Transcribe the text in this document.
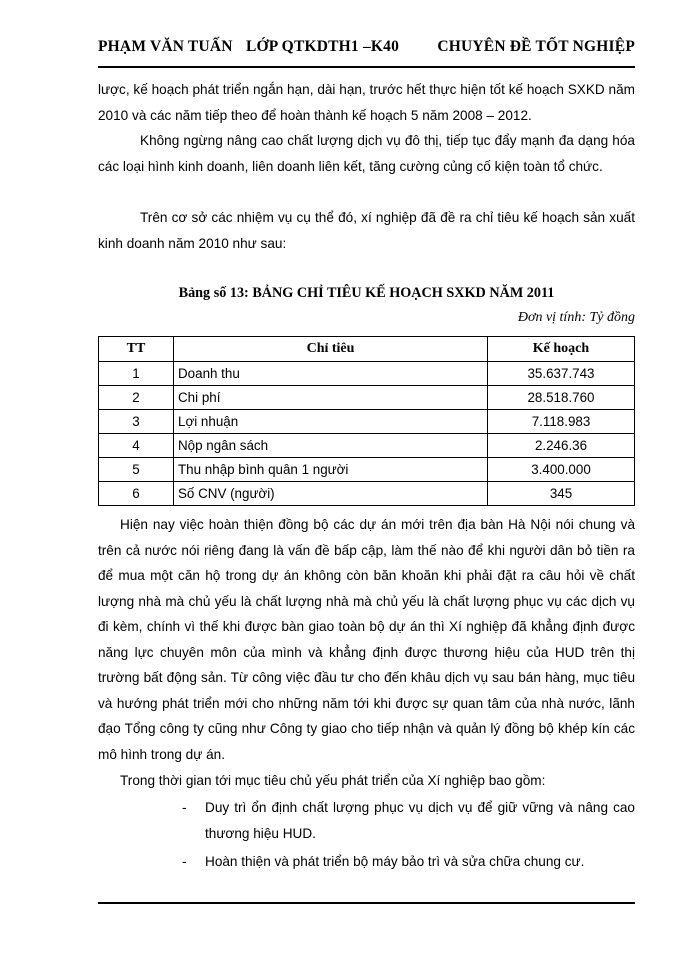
PHẠM VĂN TUẤN LỚP QTKDTH1 –K40 CHUYÊN ĐỀ TỐT NGHIỆP

lược, kế hoạch phát triển ngắn hạn, dài hạn, trước hết thực hiện tốt kế hoạch SXKD năm 2010 và các năm tiếp theo để hoàn thành kế hoạch 5 năm 2008 – 2012.

Không ngừng nâng cao chất lượng dịch vụ đô thị, tiếp tục đẩy mạnh đa dạng hóa các loại hình kinh doanh, liên doanh liên kết, tăng cường củng cố kiện toàn tổ chức.

Trên cơ sở các nhiệm vụ cụ thể đó, xí nghiệp đã đề ra chỉ tiêu kế hoạch sản xuất kinh doanh năm 2010 như sau:

Bảng số 13: BẢNG CHỈ TIÊU KẾ HOẠCH SXKD NĂM 2011
Đơn vị tính: Tỷ đồng
TT	Chỉ tiêu	Kế hoạch
1	Doanh thu	35.637.743
2	Chi phí	28.518.760
3	Lợi nhuận	7.118.983
4	Nộp ngân sách	2.246.36
5	Thu nhập bình quân 1 người	3.400.000
6	Số CNV (người)	345

Hiện nay việc hoàn thiện đồng bộ các dự án mới trên địa bàn Hà Nội nói chung và trên cả nước nói riêng đang là vấn đề bấp cập, làm thế nào để khi người dân bỏ tiền ra để mua một căn hộ trong dự án không còn băn khoăn khi phải đặt ra câu hỏi về chất lượng nhà mà chủ yếu là chất lượng nhà mà chủ yếu là chất lượng phục vụ các dịch vụ đi kèm, chính vì thế khi được bàn giao toàn bộ dự án thì Xí nghiệp đã khẳng định được năng lực chuyên môn của mình và khẳng định được thương hiệu của HUD trên thị trường bất động sản. Từ công việc đầu tư cho đến khâu dịch vụ sau bán hàng, mục tiêu và hướng phát triển mới cho những năm tới khi được sự quan tâm của nhà nước, lãnh đạo Tổng công ty cũng như Công ty giao cho tiếp nhận và quản lý đồng bộ khép kín các mô hình trong dự án.

Trong thời gian tới mục tiêu chủ yếu phát triển của Xí nghiệp bao gồm:

- Duy trì ổn định chất lượng phục vụ dịch vụ để giữ vững và nâng cao thương hiệu HUD.
- Hoàn thiện và phát triển bộ máy bảo trì và sửa chữa chung cư.
